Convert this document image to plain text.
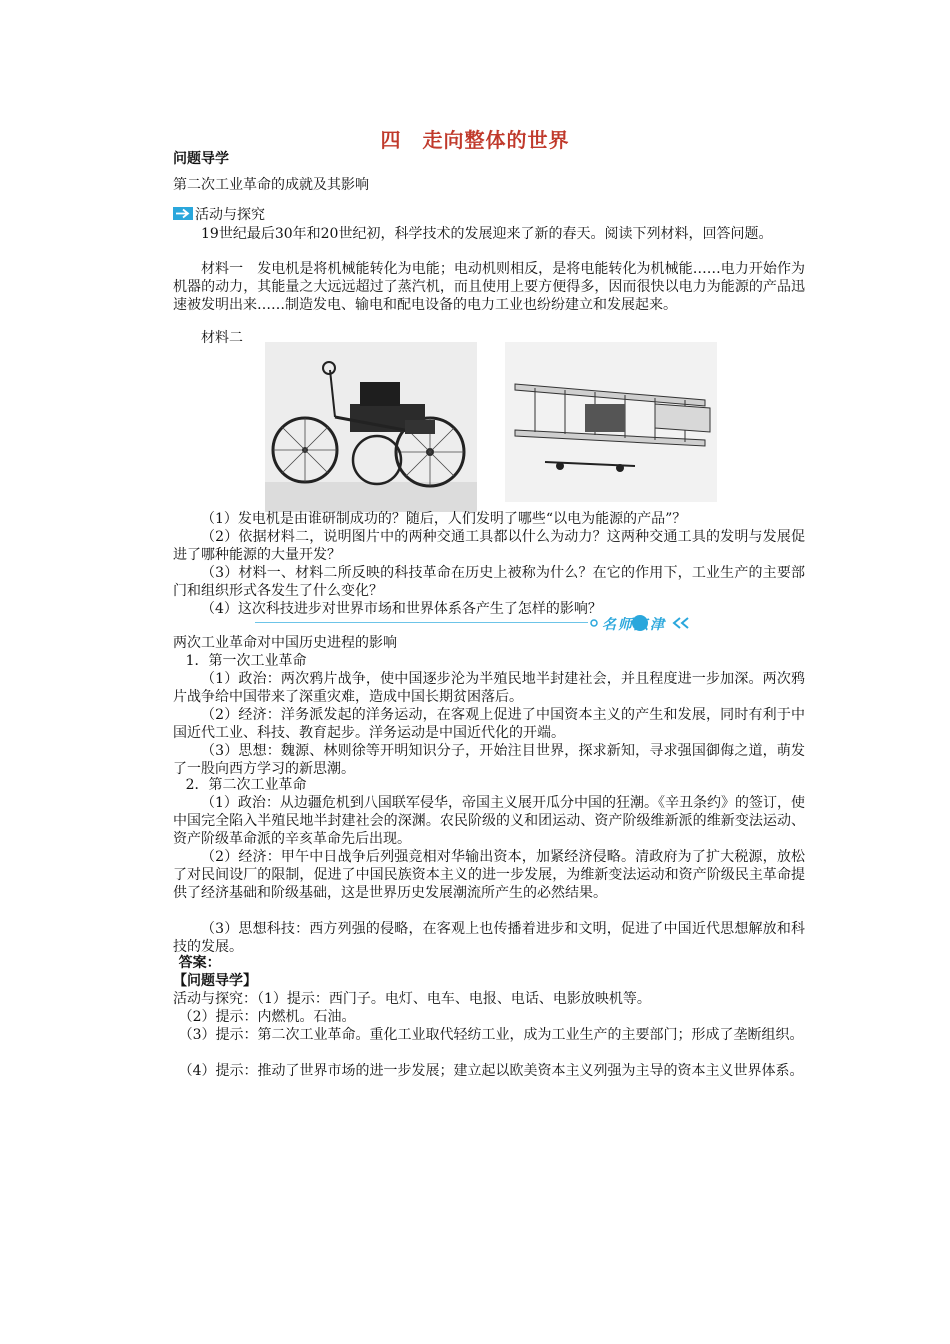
四　走向整体的世界
问题导学
第二次工业革命的成就及其影响
活动与探究
19世纪最后30年和20世纪初，科学技术的发展迎来了新的春天。阅读下列材料，回答问题。
材料一　发电机是将机械能转化为电能；电动机则相反，是将电能转化为机械能……电力开始作为机器的动力，其能量之大远远超过了蒸汽机，而且使用上要方便得多，因而很快以电力为能源的产品迅速被发明出来……制造发电、输电和配电设备的电力工业也纷纷建立和发展起来。
材料二
（1）发电机是由谁研制成功的？随后，人们发明了哪些“以电为能源的产品”？
（2）依据材料二，说明图片中的两种交通工具都以什么为动力？这两种交通工具的发明与发展促进了哪种能源的大量开发？
（3）材料一、材料二所反映的科技革命在历史上被称为什么？在它的作用下，工业生产的主要部门和组织形式各发生了什么变化？
（4）这次科技进步对世界市场和世界体系各产生了怎样的影响？
名师点津
两次工业革命对中国历史进程的影响
1．第一次工业革命
（1）政治：两次鸦片战争，使中国逐步沦为半殖民地半封建社会，并且程度进一步加深。两次鸦片战争给中国带来了深重灾难，造成中国长期贫困落后。
（2）经济：洋务派发起的洋务运动，在客观上促进了中国资本主义的产生和发展，同时有利于中国近代工业、科技、教育起步。洋务运动是中国近代化的开端。
（3）思想：魏源、林则徐等开明知识分子，开始注目世界，探求新知，寻求强国御侮之道，萌发了一股向西方学习的新思潮。
2．第二次工业革命
（1）政治：从边疆危机到八国联军侵华，帝国主义展开瓜分中国的狂潮。《辛丑条约》的签订，使中国完全陷入半殖民地半封建社会的深渊。农民阶级的义和团运动、资产阶级维新派的维新变法运动、资产阶级革命派的辛亥革命先后出现。
（2）经济：甲午中日战争后列强竞相对华输出资本，加紧经济侵略。清政府为了扩大税源，放松了对民间设厂的限制，促进了中国民族资本主义的进一步发展，为维新变法运动和资产阶级民主革命提供了经济基础和阶级基础，这是世界历史发展潮流所产生的必然结果。
（3）思想科技：西方列强的侵略，在客观上也传播着进步和文明，促进了中国近代思想解放和科技的发展。
答案：
【问题导学】
活动与探究：（1）提示：西门子。电灯、电车、电报、电话、电影放映机等。
（2）提示：内燃机。石油。
（3）提示：第二次工业革命。重化工业取代轻纺工业，成为工业生产的主要部门；形成了垄断组织。
（4）提示：推动了世界市场的进一步发展；建立起以欧美资本主义列强为主导的资本主义世界体系。
